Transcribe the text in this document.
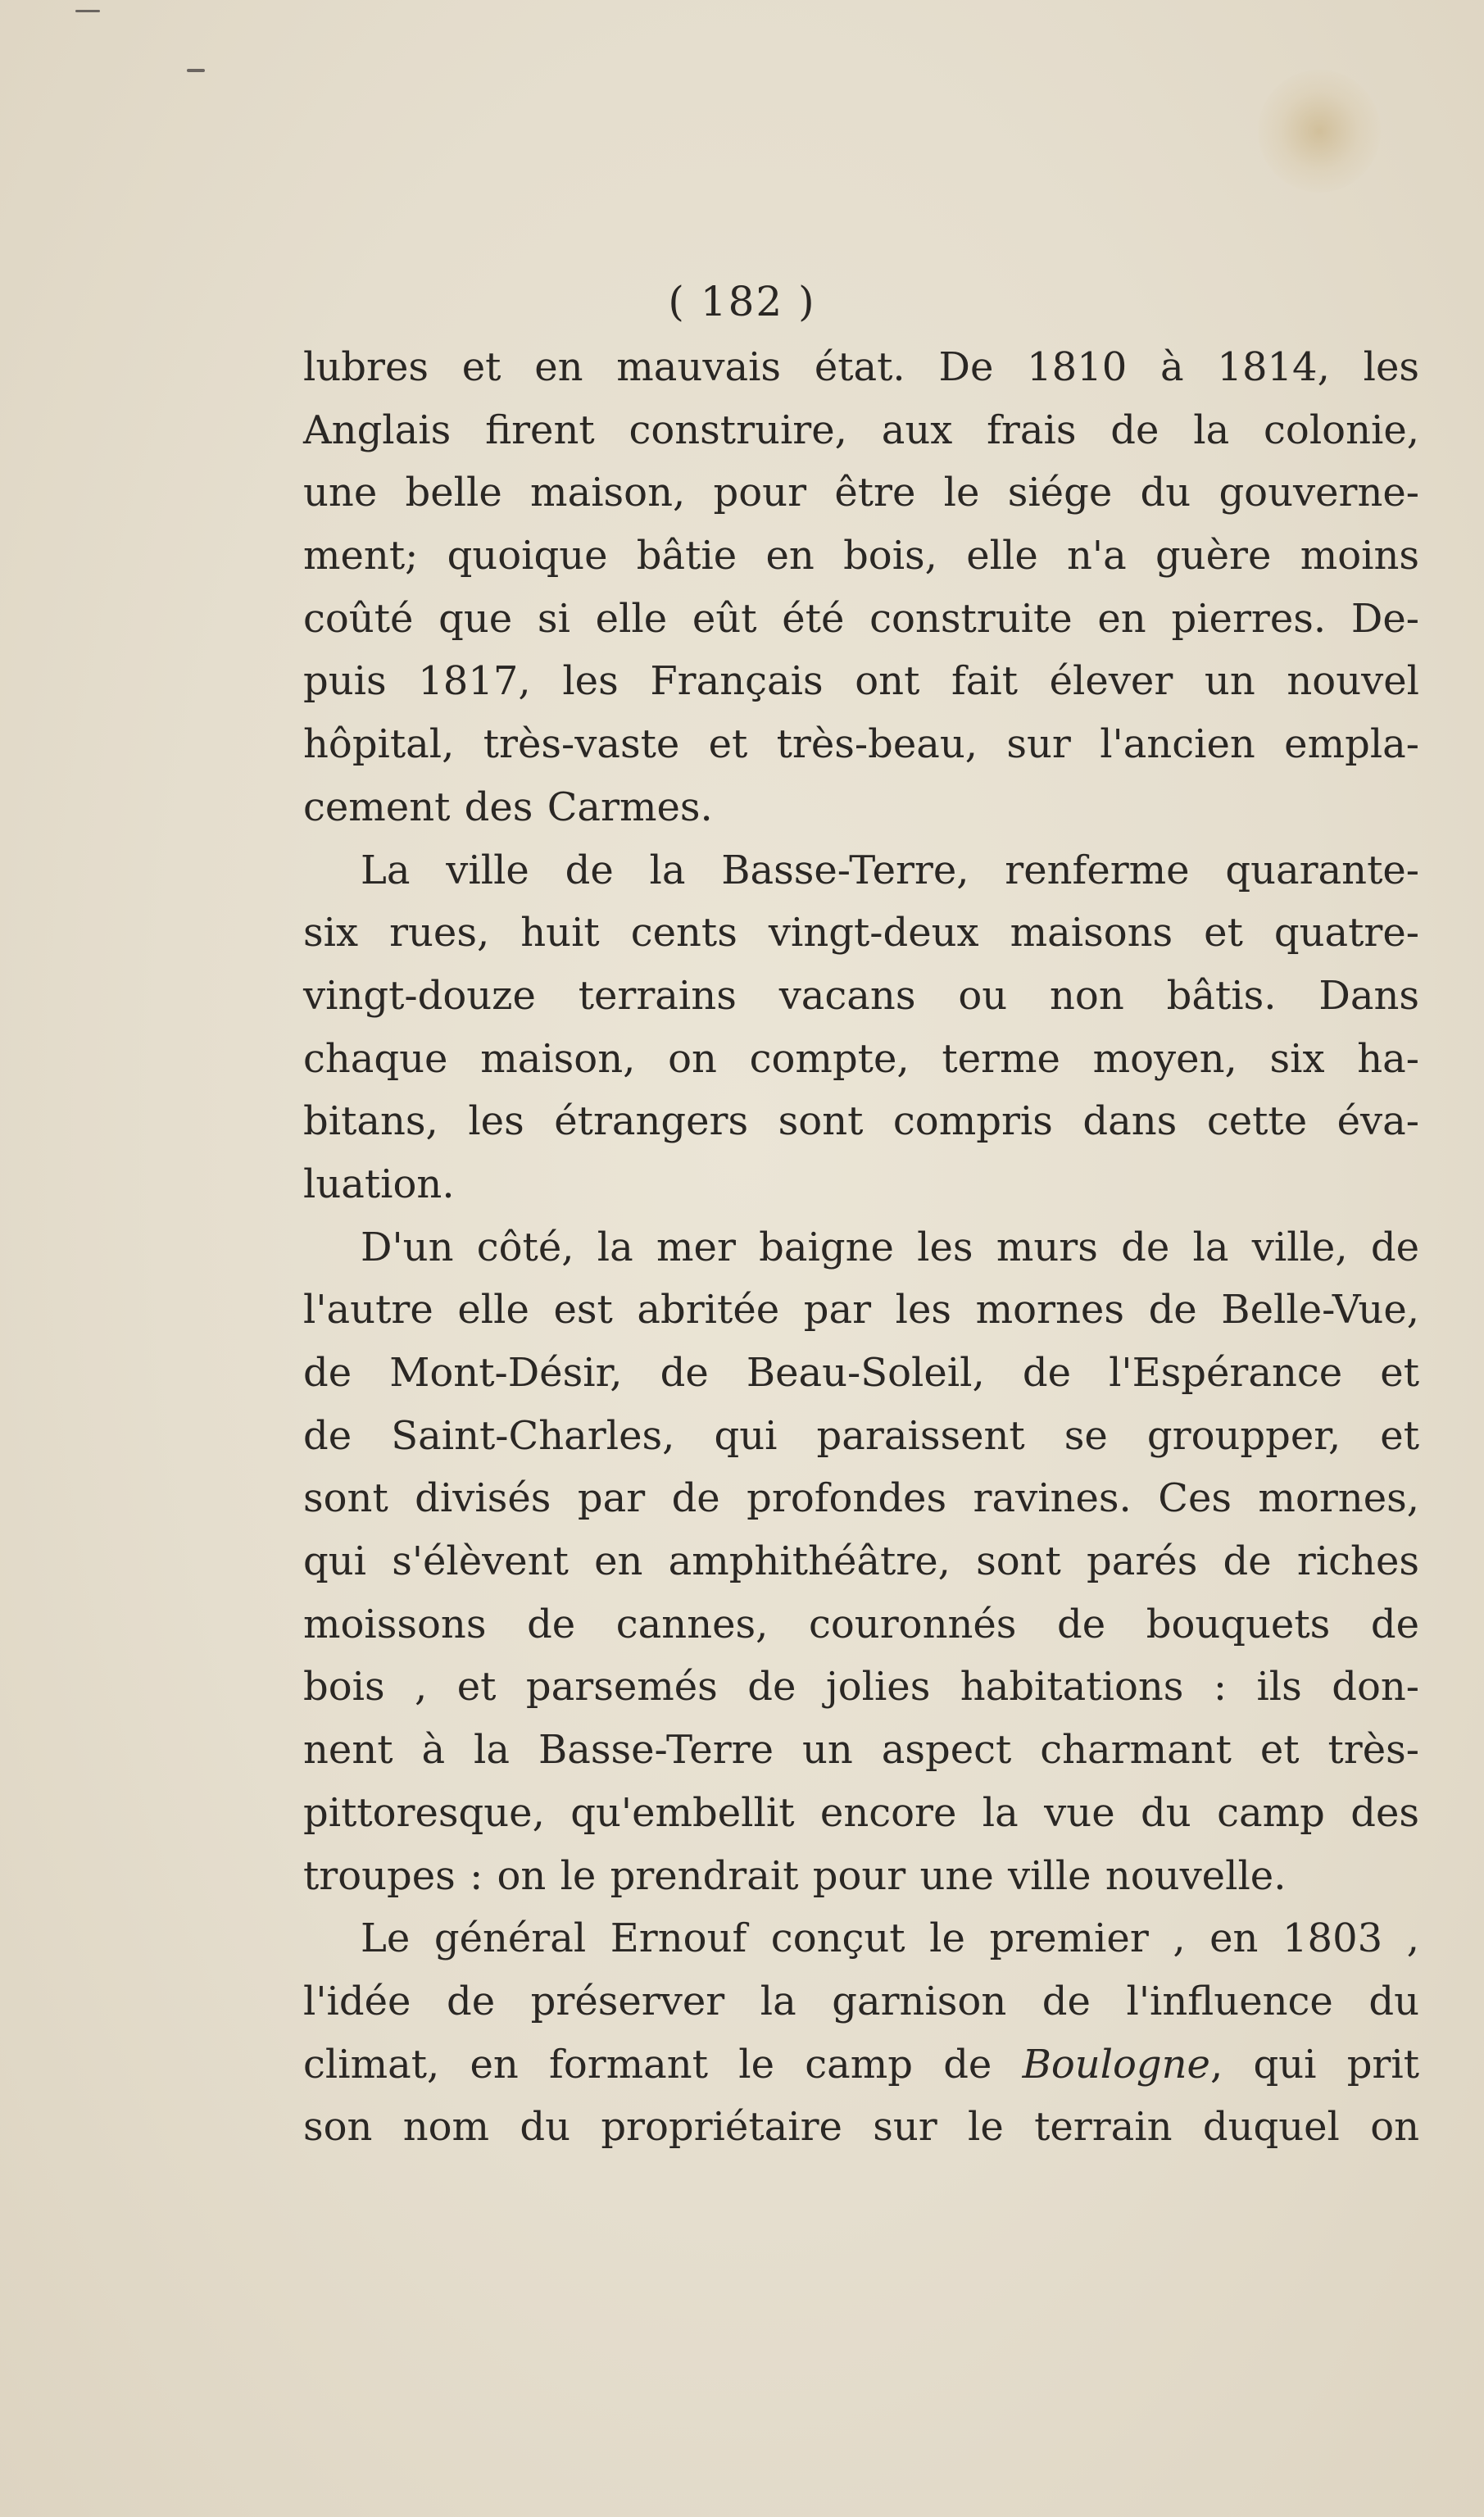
( 182 )
lubres et en mauvais état. De 1810 à 1814, les
Anglais firent construire, aux frais de la colonie,
une belle maison, pour être le siége du gouverne-
ment; quoique bâtie en bois, elle n'a guère moins
coûté que si elle eût été construite en pierres. De-
puis 1817, les Français ont fait élever un nouvel
hôpital, très-vaste et très-beau, sur l'ancien empla-
cement des Carmes.
La ville de la Basse-Terre, renferme quarante-
six rues, huit cents vingt-deux maisons et quatre-
vingt-douze terrains vacans ou non bâtis. Dans
chaque maison, on compte, terme moyen, six ha-
bitans, les étrangers sont compris dans cette éva-
luation.
D'un côté, la mer baigne les murs de la ville, de
l'autre elle est abritée par les mornes de Belle-Vue,
de Mont-Désir, de Beau-Soleil, de l'Espérance et
de Saint-Charles, qui paraissent se groupper, et
sont divisés par de profondes ravines. Ces mornes,
qui s'élèvent en amphithéâtre, sont parés de riches
moissons de cannes, couronnés de bouquets de
bois , et parsemés de jolies habitations : ils don-
nent à la Basse-Terre un aspect charmant et très-
pittoresque, qu'embellit encore la vue du camp des
troupes : on le prendrait pour une ville nouvelle.
Le général Ernouf conçut le premier , en 1803 ,
l'idée de préserver la garnison de l'influence du
climat, en formant le camp de Boulogne, qui prit
son nom du propriétaire sur le terrain duquel on
